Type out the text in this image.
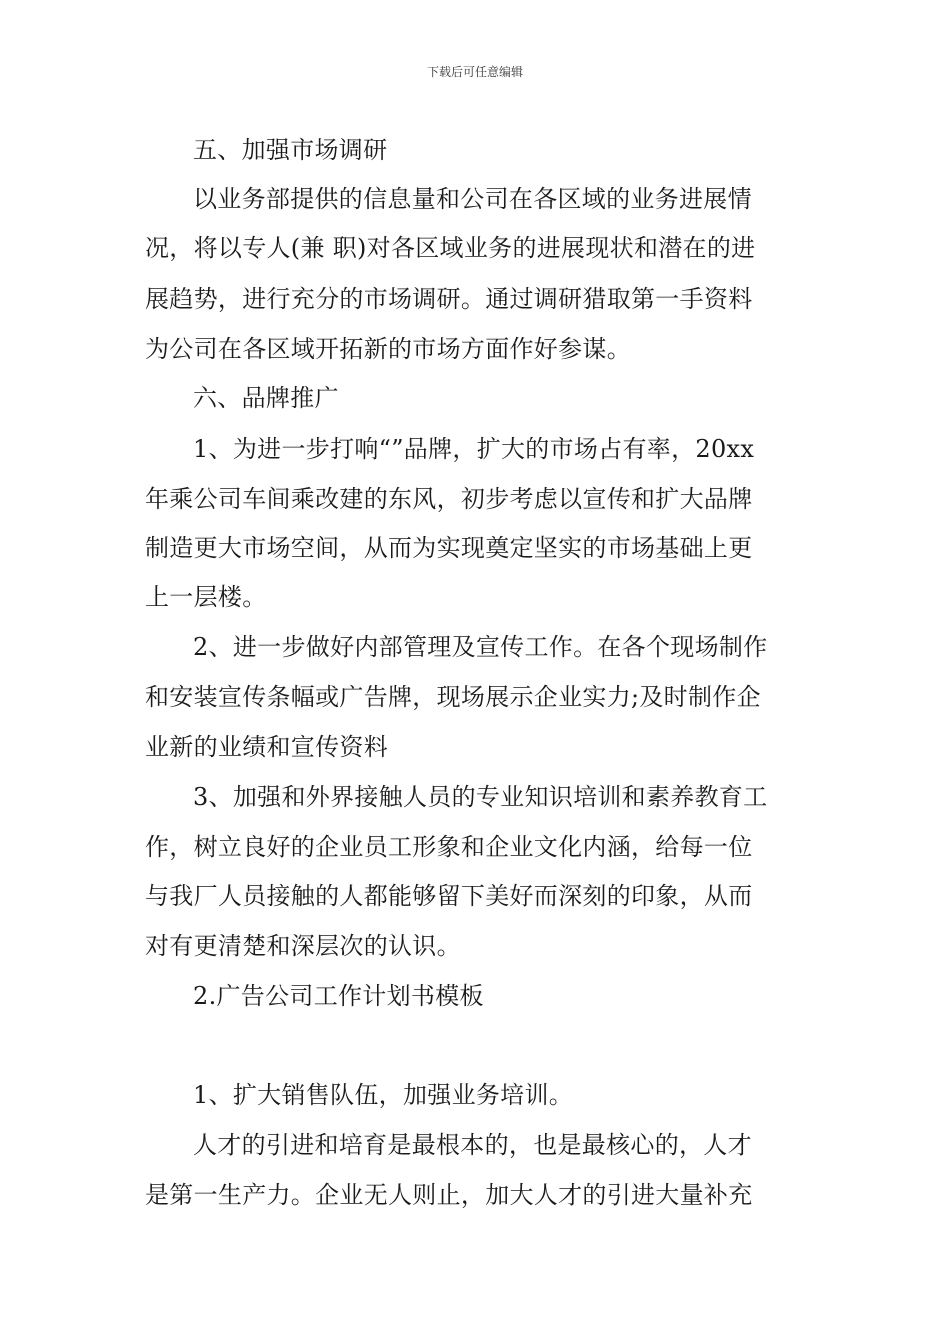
下载后可任意编辑
五、加强市场调研
以业务部提供的信息量和公司在各区域的业务进展情
况，将以专人(兼 职)对各区域业务的进展现状和潜在的进
展趋势，进行充分的市场调研。通过调研猎取第一手资料
为公司在各区域开拓新的市场方面作好参谋。
六、品牌推广
1、为进一步打响“”品牌，扩大的市场占有率，20xx
年乘公司车间乘改建的东风，初步考虑以宣传和扩大品牌
制造更大市场空间，从而为实现奠定坚实的市场基础上更
上一层楼。
2、进一步做好内部管理及宣传工作。在各个现场制作
和安装宣传条幅或广告牌，现场展示企业实力;及时制作企
业新的业绩和宣传资料
3、加强和外界接触人员的专业知识培训和素养教育工
作，树立良好的企业员工形象和企业文化内涵，给每一位
与我厂人员接触的人都能够留下美好而深刻的印象，从而
对有更清楚和深层次的认识。
2.广告公司工作计划书模板
1、扩大销售队伍，加强业务培训。
人才的引进和培育是最根本的，也是最核心的，人才
是第一生产力。企业无人则止，加大人才的引进大量补充
